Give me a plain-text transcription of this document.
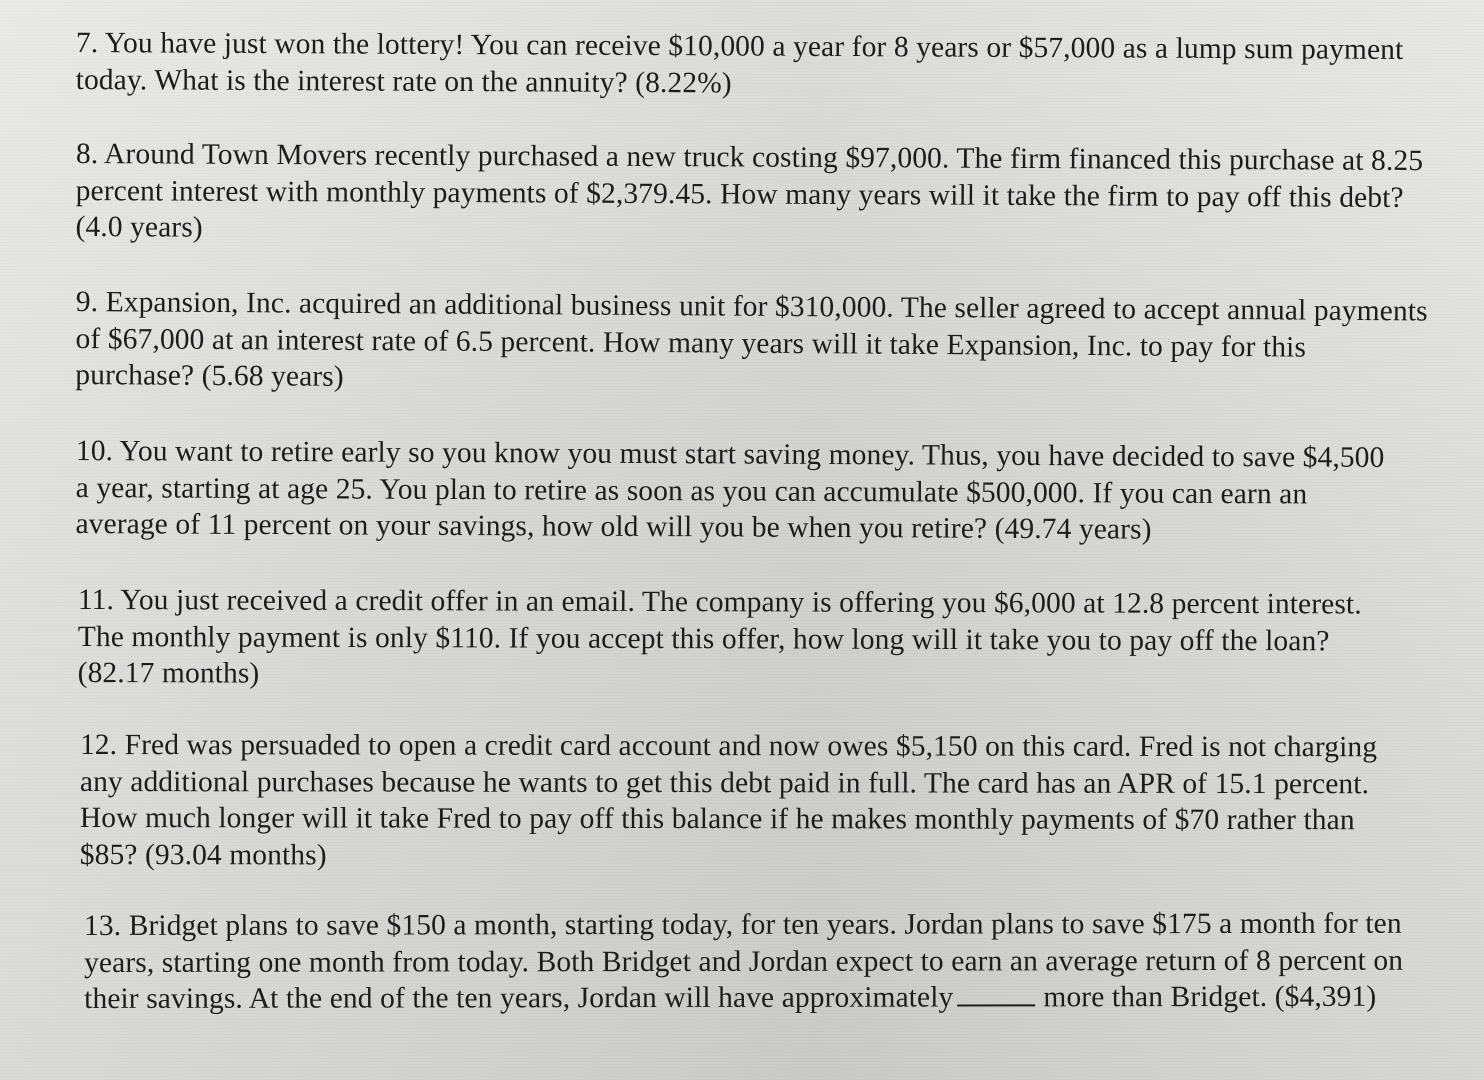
7. You have just won the lottery! You can receive $10,000 a year for 8 years or $57,000 as a lump sum payment today. What is the interest rate on the annuity? (8.22%)

8. Around Town Movers recently purchased a new truck costing $97,000. The firm financed this purchase at 8.25 percent interest with monthly payments of $2,379.45. How many years will it take the firm to pay off this debt? (4.0 years)

9. Expansion, Inc. acquired an additional business unit for $310,000. The seller agreed to accept annual payments of $67,000 at an interest rate of 6.5 percent. How many years will it take Expansion, Inc. to pay for this purchase? (5.68 years)

10. You want to retire early so you know you must start saving money. Thus, you have decided to save $4,500 a year, starting at age 25. You plan to retire as soon as you can accumulate $500,000. If you can earn an average of 11 percent on your savings, how old will you be when you retire? (49.74 years)

11. You just received a credit offer in an email. The company is offering you $6,000 at 12.8 percent interest. The monthly payment is only $110. If you accept this offer, how long will it take you to pay off the loan? (82.17 months)

12. Fred was persuaded to open a credit card account and now owes $5,150 on this card. Fred is not charging any additional purchases because he wants to get this debt paid in full. The card has an APR of 15.1 percent. How much longer will it take Fred to pay off this balance if he makes monthly payments of $70 rather than $85? (93.04 months)

13. Bridget plans to save $150 a month, starting today, for ten years. Jordan plans to save $175 a month for ten years, starting one month from today. Both Bridget and Jordan expect to earn an average return of 8 percent on their savings. At the end of the ten years, Jordan will have approximately	more than Bridget. ($4,391)
